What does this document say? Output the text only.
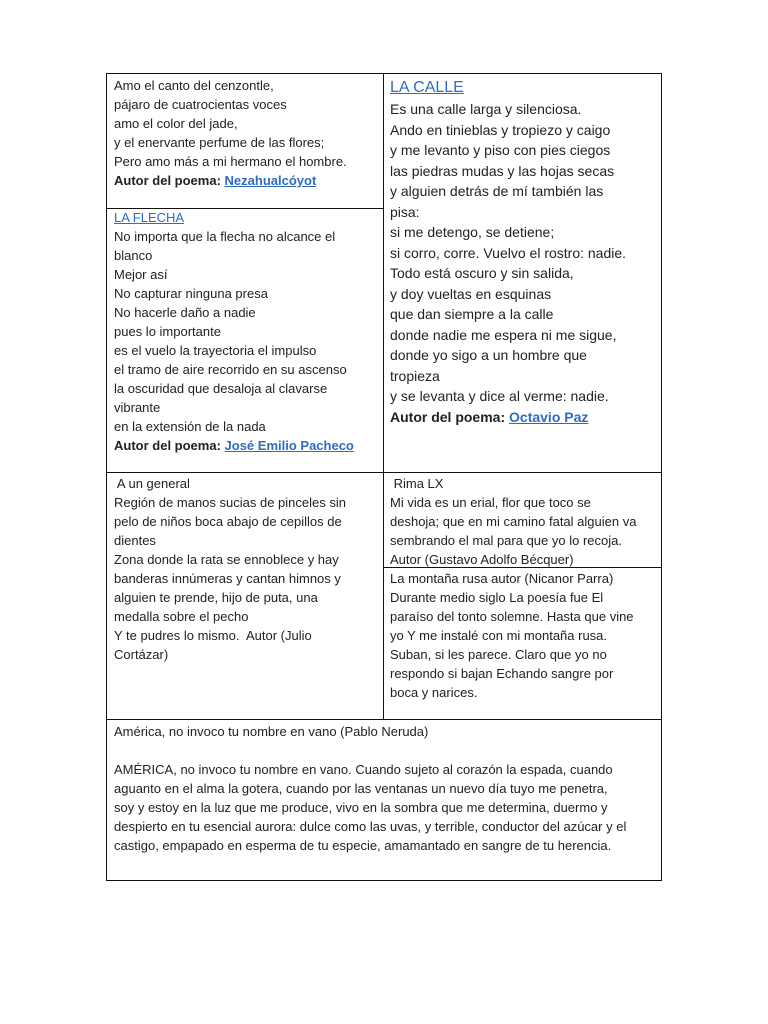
Amo el canto del cenzontle,
pájaro de cuatrocientas voces
amo el color del jade,
y el enervante perfume de las flores;
Pero amo más a mi hermano el hombre.
Autor del poema: Nezahualcóyot
LA FLECHA
No importa que la flecha no alcance el
blanco
Mejor así
No capturar ninguna presa
No hacerle daño a nadie
pues lo importante
es el vuelo la trayectoria el impulso
el tramo de aire recorrido en su ascenso
la oscuridad que desaloja al clavarse
vibrante
en la extensión de la nada
Autor del poema: José Emilio Pacheco
LA CALLE
Es una calle larga y silenciosa.
Ando en tinieblas y tropiezo y caigo
y me levanto y piso con pies ciegos
las piedras mudas y las hojas secas
y alguien detrás de mí también las
pisa:
si me detengo, se detiene;
si corro, corre. Vuelvo el rostro: nadie.
Todo está oscuro y sin salida,
y doy vueltas en esquinas
que dan siempre a la calle
donde nadie me espera ni me sigue,
donde yo sigo a un hombre que
tropieza
y se levanta y dice al verme: nadie.
Autor del poema: Octavio Paz
A un general
Región de manos sucias de pinceles sin
pelo de niños boca abajo de cepillos de
dientes
Zona donde la rata se ennoblece y hay
banderas innúmeras y cantan himnos y
alguien te prende, hijo de puta, una
medalla sobre el pecho
Y te pudres lo mismo.  Autor (Julio
Cortázar)
Rima LX
Mi vida es un erial, flor que toco se
deshoja; que en mi camino fatal alguien va
sembrando el mal para que yo lo recoja.
Autor (Gustavo Adolfo Bécquer)
La montaña rusa autor (Nicanor Parra)
Durante medio siglo La poesía fue El
paraíso del tonto solemne. Hasta que vine
yo Y me instalé con mi montaña rusa.
Suban, si les parece. Claro que yo no
respondo si bajan Echando sangre por
boca y narices.
América, no invoco tu nombre en vano (Pablo Neruda)

AMÉRICA, no invoco tu nombre en vano. Cuando sujeto al corazón la espada, cuando
aguanto en el alma la gotera, cuando por las ventanas un nuevo día tuyo me penetra,
soy y estoy en la luz que me produce, vivo en la sombra que me determina, duermo y
despierto en tu esencial aurora: dulce como las uvas, y terrible, conductor del azúcar y el
castigo, empapado en esperma de tu especie, amamantado en sangre de tu herencia.
